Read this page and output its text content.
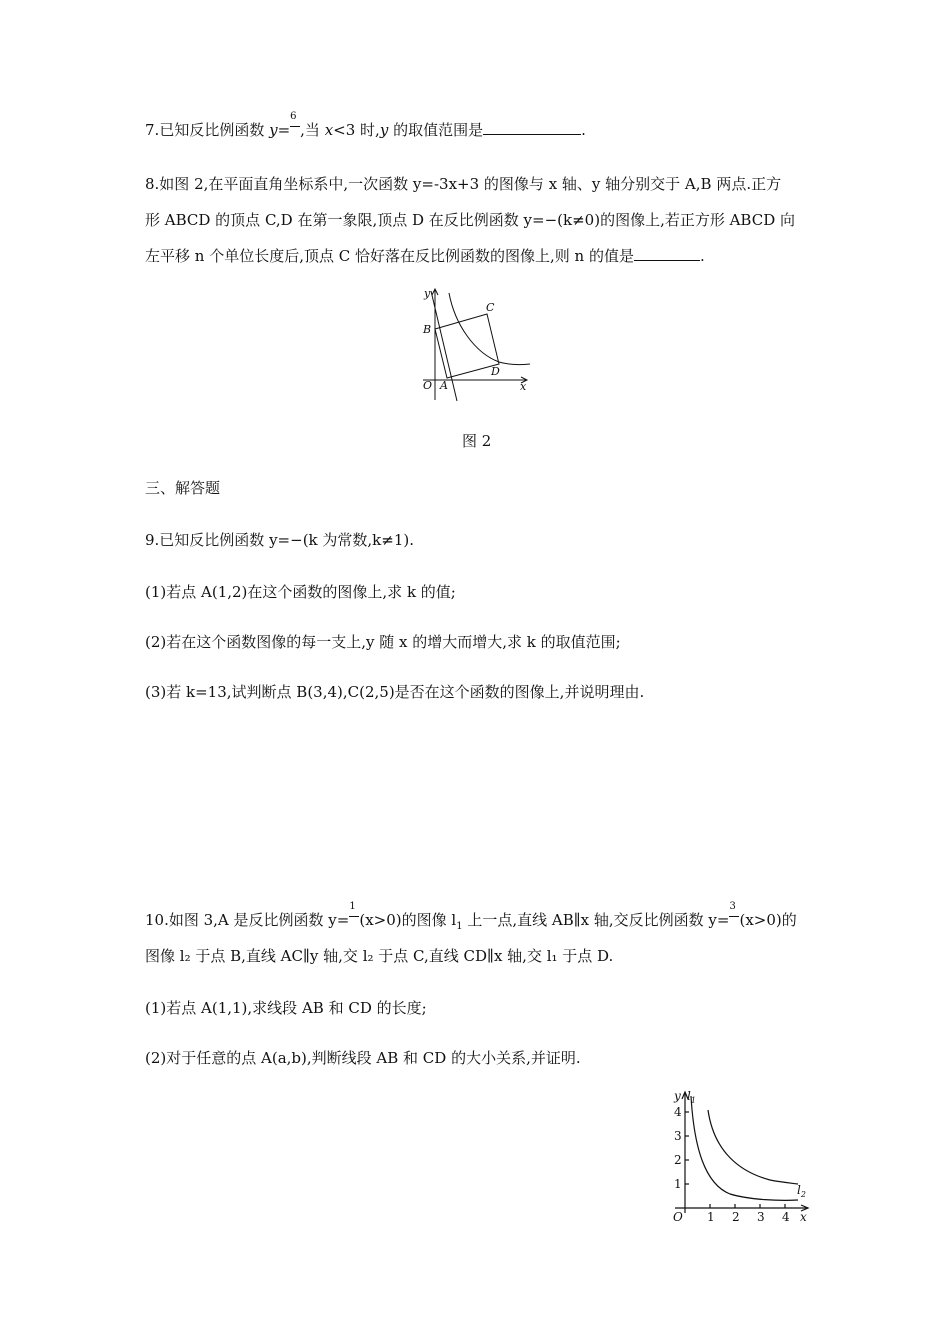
7.已知反比例函数 y=
6
,当 x<3 时,y 的取值范围是	.
8.如图 2,在平面直角坐标系中,一次函数 y=-3x+3 的图像与 x 轴、y 轴分别交于 A,B 两点.正方
形 ABCD 的顶点 C,D 在第一象限,顶点 D 在反比例函数 y=−(k≠0)的图像上,若正方形 ABCD 向
左平移 n 个单位长度后,顶点 C 恰好落在反比例函数的图像上,则 n 的值是	.
y
x
O A
B
C
D
图 2
三、解答题
9.已知反比例函数 y=−(k 为常数,k≠1).
(1)若点 A(1,2)在这个函数的图像上,求 k 的值;
(2)若在这个函数图像的每一支上,y 随 x 的增大而增大,求 k 的取值范围;
(3)若 k=13,试判断点 B(3,4),C(2,5)是否在这个函数的图像上,并说明理由.
10.如图 3,A 是反比例函数 y=
1
(x>0)的图像 $l_1$ 上一点,直线 AB∥x 轴,交反比例函数 y=
3
(x>0)的
图像 l₂ 于点 B,直线 AC∥y 轴,交 l₂ 于点 C,直线 CD∥x 轴,交 l₁ 于点 D.
(1)若点 A(1,1),求线段 AB 和 CD 的长度;
(2)对于任意的点 A(a,b),判断线段 AB 和 CD 的大小关系,并证明.
y $l_1$
$l_2$
x
O 1 2 3 4
1
2
3
4
